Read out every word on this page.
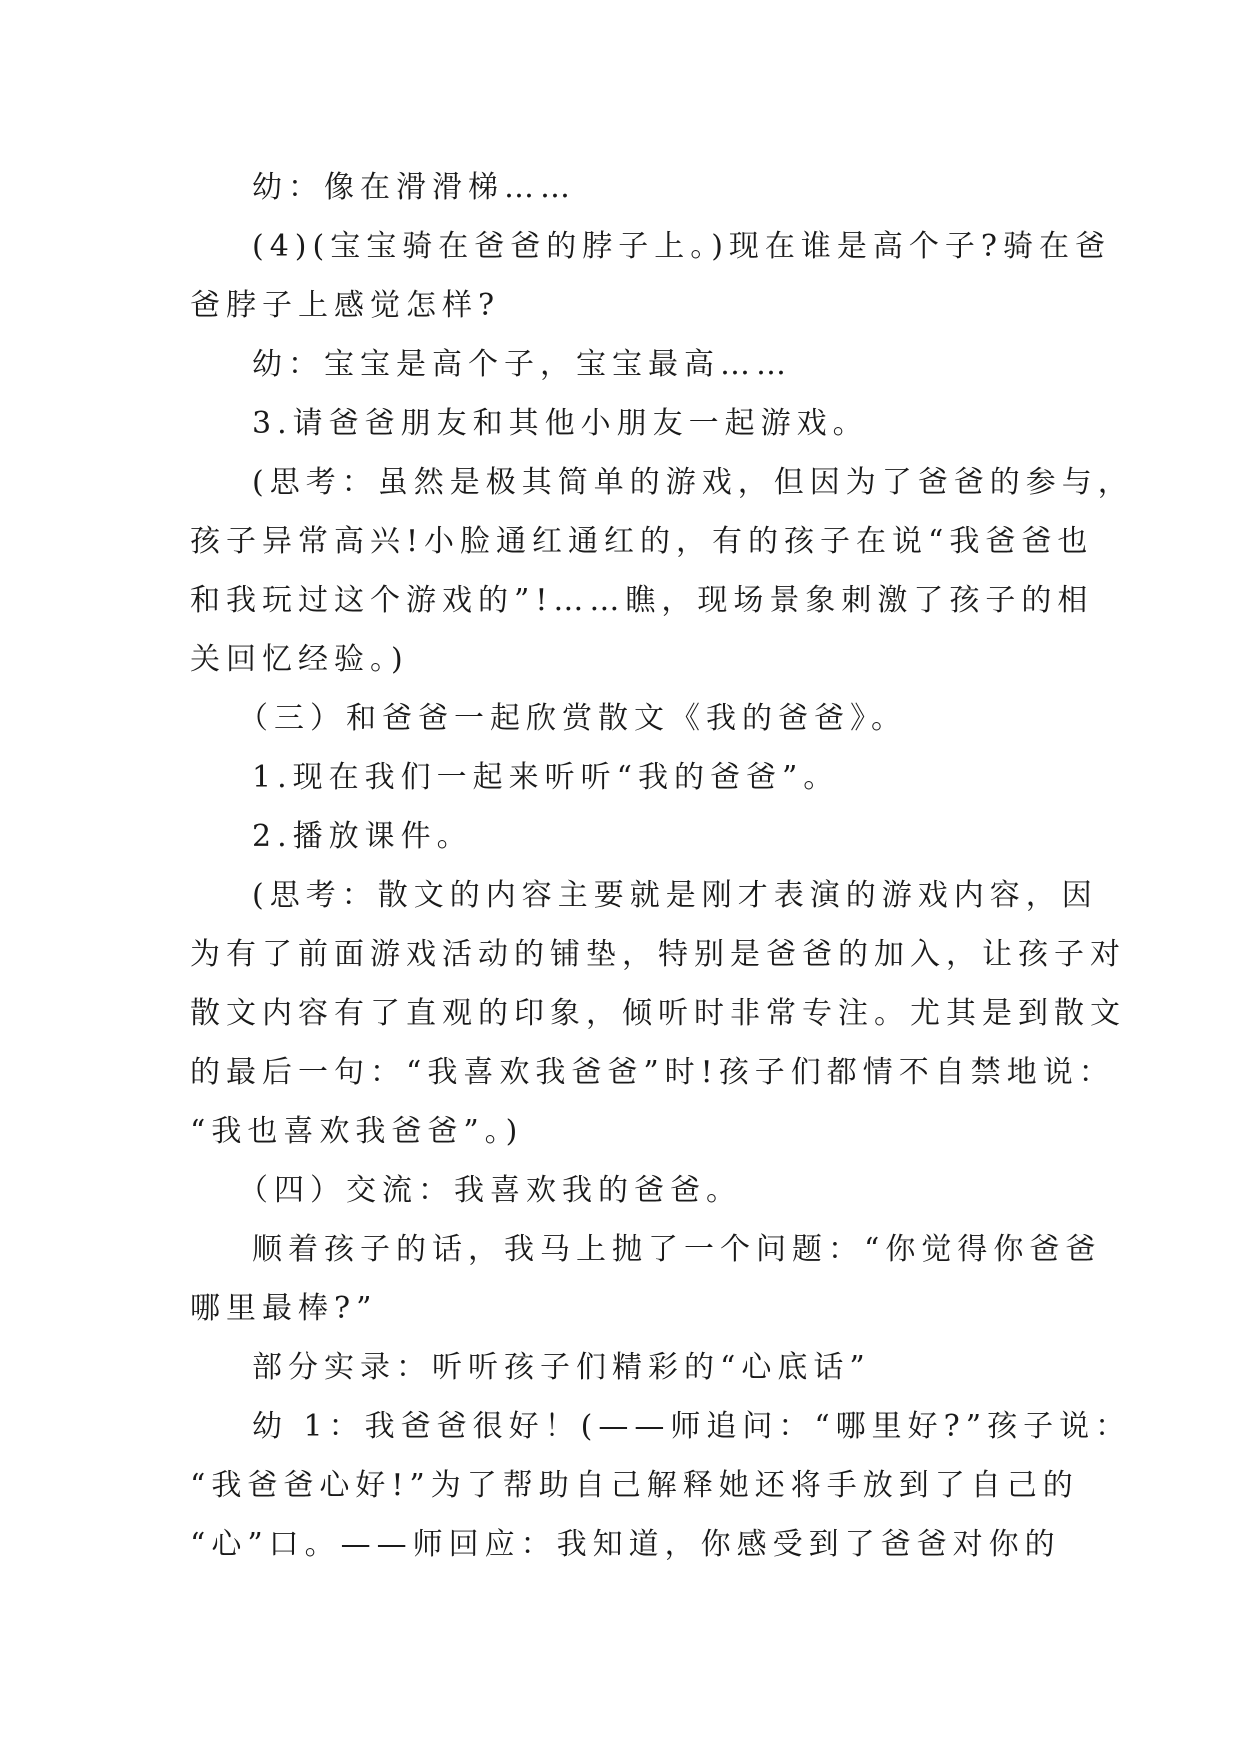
幼：像在滑滑梯……

(4)(宝宝骑在爸爸的脖子上。)现在谁是高个子?骑在爸
爸脖子上感觉怎样?

幼：宝宝是高个子，宝宝最高……

3.请爸爸朋友和其他小朋友一起游戏。

(思考：虽然是极其简单的游戏，但因为了爸爸的参与，
孩子异常高兴!小脸通红通红的，有的孩子在说“我爸爸也
和我玩过这个游戏的”!……瞧，现场景象刺激了孩子的相
关回忆经验。)

（三）和爸爸一起欣赏散文《我的爸爸》。

1.现在我们一起来听听“我的爸爸”。

2.播放课件。

(思考：散文的内容主要就是刚才表演的游戏内容，因
为有了前面游戏活动的铺垫，特别是爸爸的加入，让孩子对
散文内容有了直观的印象，倾听时非常专注。尤其是到散文
的最后一句：“我喜欢我爸爸”时!孩子们都情不自禁地说：
“我也喜欢我爸爸”。)

（四）交流：我喜欢我的爸爸。

顺着孩子的话，我马上抛了一个问题：“你觉得你爸爸
哪里最棒?”

部分实录：听听孩子们精彩的“心底话”

幼 1：我爸爸很好！(——师追问：“哪里好?”孩子说：
“我爸爸心好!”为了帮助自己解释她还将手放到了自己的
“心”口。——师回应：我知道，你感受到了爸爸对你的
